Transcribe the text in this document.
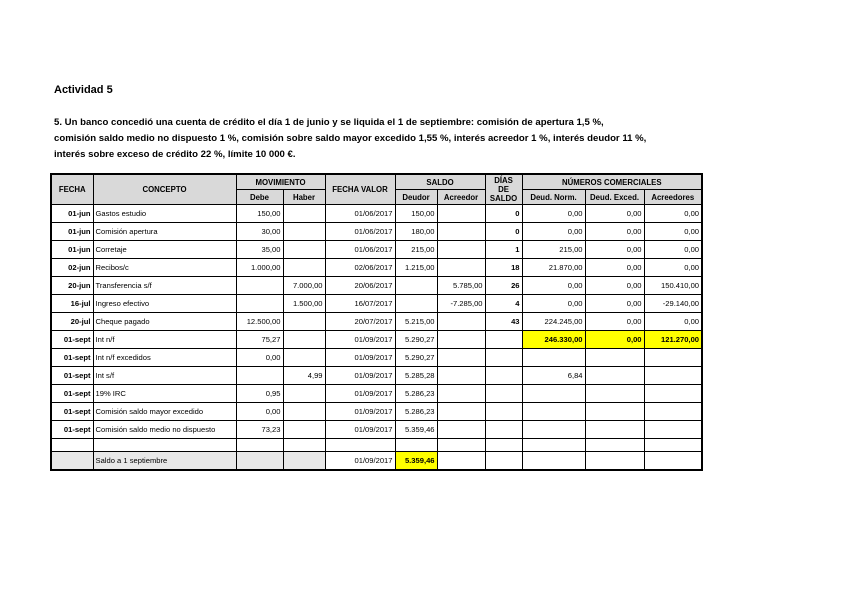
Actividad 5
5. Un banco concedió una cuenta de crédito el día 1 de junio y se liquida el 1 de septiembre: comisión de apertura 1,5 %,
comisión saldo medio no dispuesto 1 %, comisión sobre saldo mayor excedido 1,55 %, interés acreedor 1 %, interés deudor 11 %,
interés sobre exceso de crédito 22 %, límite 10 000 €.
FECHA	CONCEPTO	MOVIMIENTO		FECHA VALOR	SALDO		DÍAS
DE
SALDO	NÚMEROS COMERCIALES		
		Debe	Haber		Deudor	Acreedor		Deud. Norm.	Deud. Exced.	Acreedores
01-jun	Gastos estudio	150,00		01/06/2017	150,00		0	0,00	0,00	0,00
01-jun	Comisión apertura	30,00		01/06/2017	180,00		0	0,00	0,00	0,00
01-jun	Corretaje	35,00		01/06/2017	215,00		1	215,00	0,00	0,00
02-jun	Recibos/c	1.000,00		02/06/2017	1.215,00		18	21.870,00	0,00	0,00
20-jun	Transferencia s/f		7.000,00	20/06/2017		5.785,00	26	0,00	0,00	150.410,00
16-jul	Ingreso efectivo		1.500,00	16/07/2017		-7.285,00	4	0,00	0,00	-29.140,00
20-jul	Cheque pagado	12.500,00		20/07/2017	5.215,00		43	224.245,00	0,00	0,00
01-sept	Int n/f	75,27		01/09/2017	5.290,27			246.330,00	0,00	121.270,00
01-sept	Int n/f excedidos	0,00		01/09/2017	5.290,27					
01-sept	Int s/f		4,99	01/09/2017	5.285,28			6,84		
01-sept	19% IRC	0,95		01/09/2017	5.286,23					
01-sept	Comisión saldo mayor excedido	0,00		01/09/2017	5.286,23					
01-sept	Comisión saldo medio no dispuesto	73,23		01/09/2017	5.359,46					

	Saldo a 1 septiembre			01/09/2017	5.359,46					
